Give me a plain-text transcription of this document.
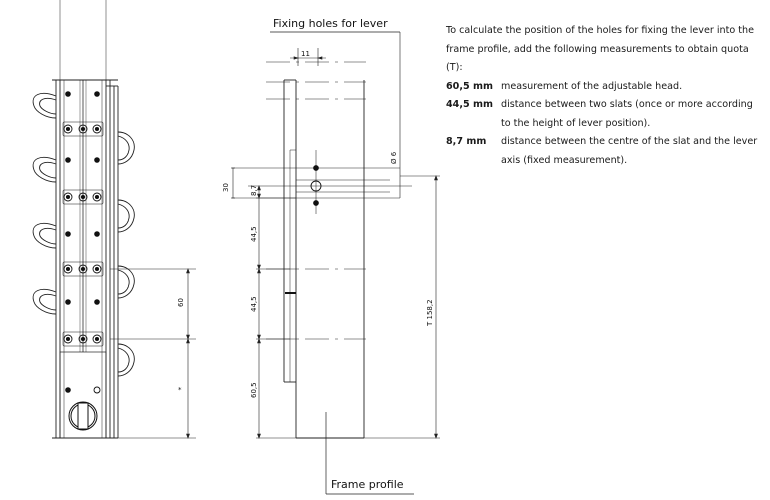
60
*
11
Ø 6
30	8,7
44,5
44,5
60,5
T 158,2
Fixing holes for lever
Frame profile

To calculate the position of the holes for fixing the lever into the frame profile, add the following measurements to obtain quota (T):

60,5 mm measurement of the adjustable head.
44,5 mm distance between two slats (once or more according to the height of lever position).
8,7 mm	distance between the centre of the slat and the lever axis (fixed measurement).
